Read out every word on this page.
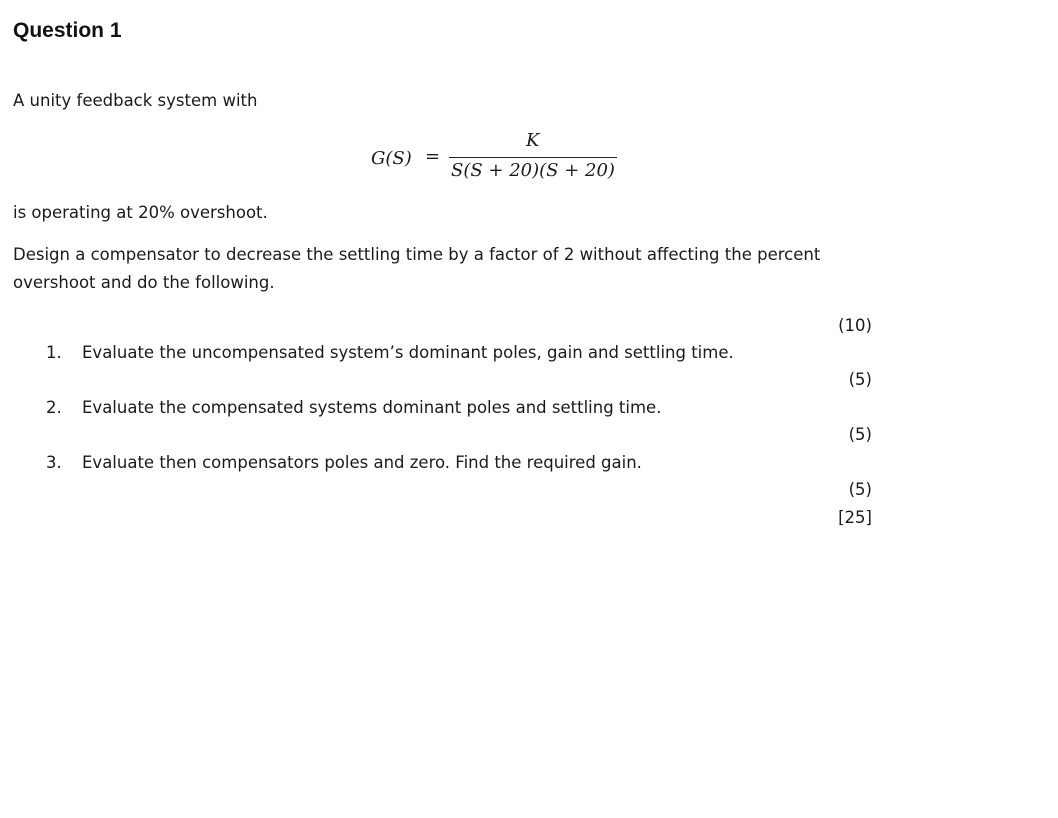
Question 1
A unity feedback system with
G(S) =
K
S(S + 20)(S + 20)
is operating at 20% overshoot.
Design a compensator to decrease the settling time by a factor of 2 without affecting the percent
overshoot and do the following.
(10)
1. Evaluate the uncompensated system’s dominant poles, gain and settling time.
(5)
2. Evaluate the compensated systems dominant poles and settling time.
(5)
3. Evaluate then compensators poles and zero. Find the required gain.
(5)
[25]
